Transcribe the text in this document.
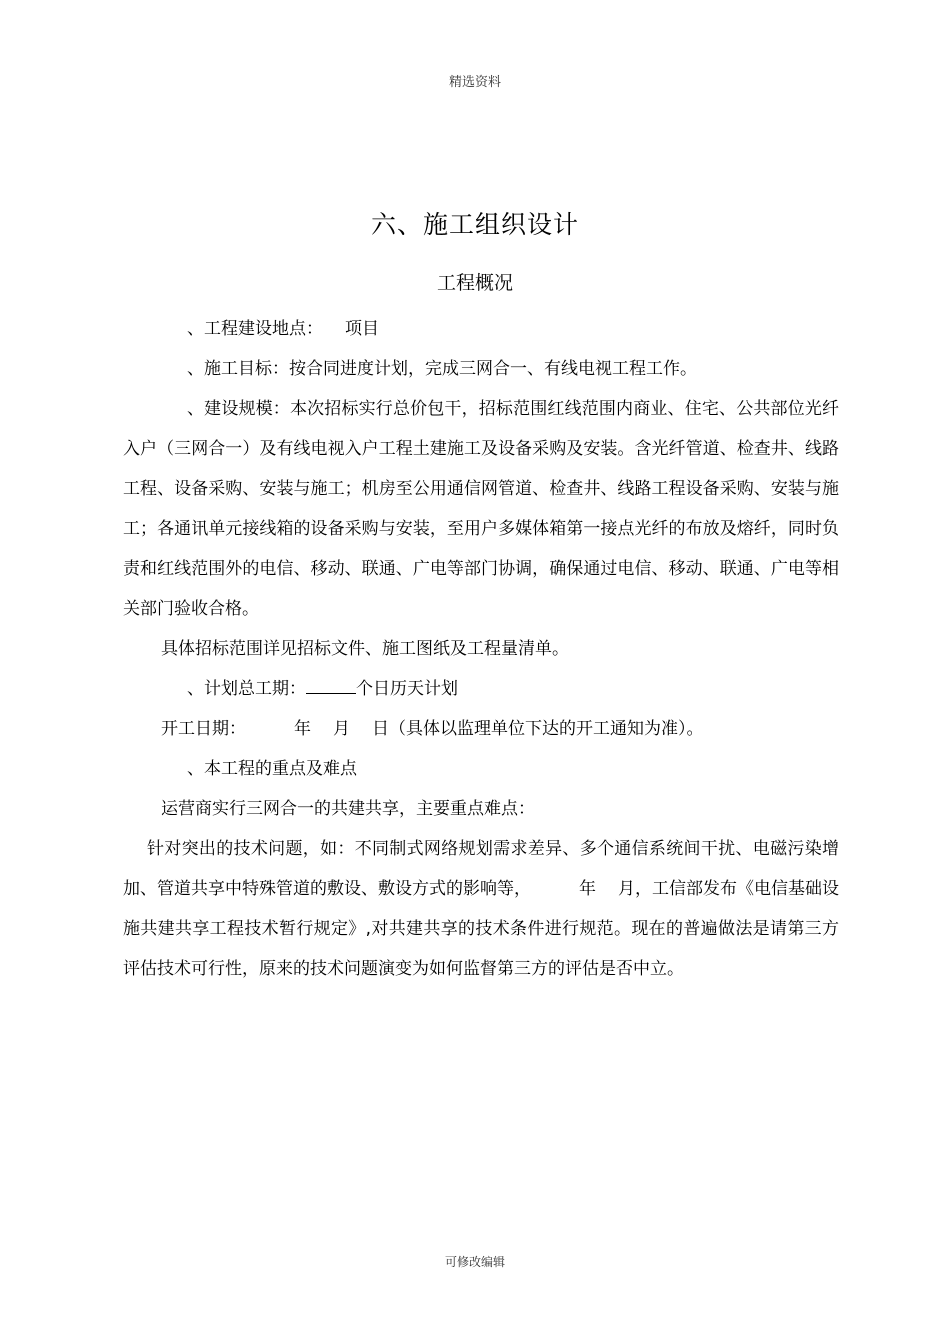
精选资料
六、施工组织设计
工程概况

、工程建设地点： 项目

、施工目标：按合同进度计划，完成三网合一、有线电视工程工作。

、建设规模：本次招标实行总价包干，招标范围红线范围内商业、住宅、公共部位光纤入户（三网合一）及有线电视入户工程土建施工及设备采购及安装。含光纤管道、检查井、线路工程、设备采购、安装与施工；机房至公用通信网管道、检查井、线路工程设备采购、安装与施工；各通讯单元接线箱的设备采购与安装，至用户多媒体箱第一接点光纤的布放及熔纤，同时负责和红线范围外的电信、移动、联通、广电等部门协调，确保通过电信、移动、联通、广电等相关部门验收合格。

具体招标范围详见招标文件、施工图纸及工程量清单。

、计划总工期：	个日历天计划

开工日期：	年 月 日（具体以监理单位下达的开工通知为准）。

、本工程的重点及难点

运营商实行三网合一的共建共享，主要重点难点：

针对突出的技术问题，如：不同制式网络规划需求差异、多个通信系统间干扰、电磁污染增加、管道共享中特殊管道的敷设、敷设方式的影响等，	年 月，工信部发布《电信基础设施共建共享工程技术暂行规定》,对共建共享的技术条件进行规范。现在的普遍做法是请第三方评估技术可行性，原来的技术问题演变为如何监督第三方的评估是否中立。

可修改编辑
